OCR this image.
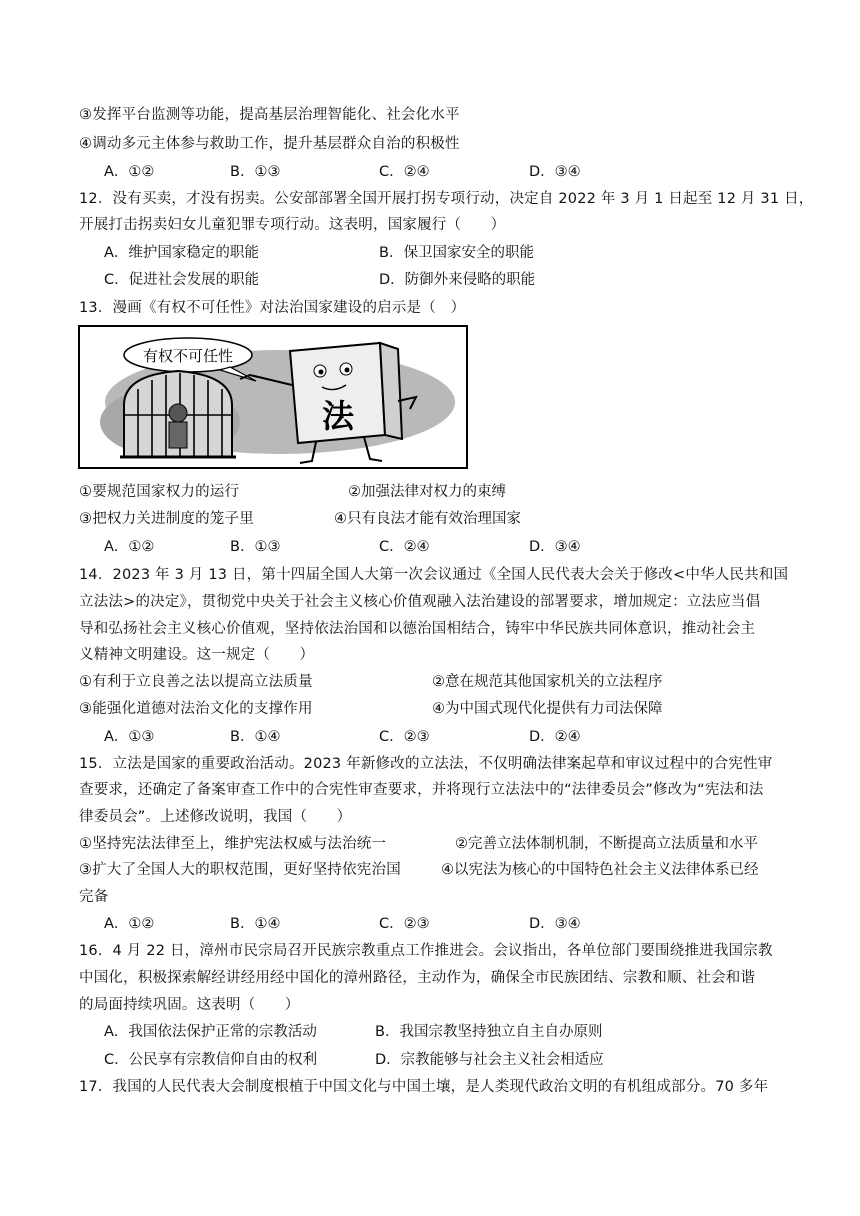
③发挥平台监测等功能，提高基层治理智能化、社会化水平
④调动多元主体参与救助工作，提升基层群众自治的积极性
A．①②	B．①③	C．②④	D．③④
12．没有买卖，才没有拐卖。公安部部署全国开展打拐专项行动，决定自 2022 年 3 月 1 日起至 12 月 31 日，
开展打击拐卖妇女儿童犯罪专项行动。这表明，国家履行（　　）
A．维护国家稳定的职能	B．保卫国家安全的职能
C．促进社会发展的职能	D．防御外来侵略的职能
13．漫画《有权不可任性》对法治国家建设的启示是（　）
有权不可任性
法
①要规范国家权力的运行	②加强法律对权力的束缚
③把权力关进制度的笼子里	④只有良法才能有效治理国家
A．①②	B．①③	C．②④	D．③④
14．2023 年 3 月 13 日，第十四届全国人大第一次会议通过《全国人民代表大会关于修改<中华人民共和国
立法法>的决定》，贯彻党中央关于社会主义核心价值观融入法治建设的部署要求，增加规定：立法应当倡
导和弘扬社会主义核心价值观，坚持依法治国和以德治国相结合，铸牢中华民族共同体意识，推动社会主
义精神文明建设。这一规定（　　）
①有利于立良善之法以提高立法质量	②意在规范其他国家机关的立法程序
③能强化道德对法治文化的支撑作用	④为中国式现代化提供有力司法保障
A．①③	B．①④	C．②③	D．②④
15．立法是国家的重要政治活动。2023 年新修改的立法法，不仅明确法律案起草和审议过程中的合宪性审
查要求，还确定了备案审查工作中的合宪性审查要求，并将现行立法法中的“法律委员会”修改为“宪法和法
律委员会”。上述修改说明，我国（　　）
①坚持宪法法律至上，维护宪法权威与法治统一	②完善立法体制机制，不断提高立法质量和水平
③扩大了全国人大的职权范围，更好坚持依宪治国	④以宪法为核心的中国特色社会主义法律体系已经
完备
A．①②	B．①④	C．②③	D．③④
16．4 月 22 日，漳州市民宗局召开民族宗教重点工作推进会。会议指出，各单位部门要围绕推进我国宗教
中国化，积极探索解经讲经用经中国化的漳州路径，主动作为，确保全市民族团结、宗教和顺、社会和谐
的局面持续巩固。这表明（　　）
A．我国依法保护正常的宗教活动	B．我国宗教坚持独立自主自办原则
C．公民享有宗教信仰自由的权利	D．宗教能够与社会主义社会相适应
17．我国的人民代表大会制度根植于中国文化与中国土壤，是人类现代政治文明的有机组成部分。70 多年
